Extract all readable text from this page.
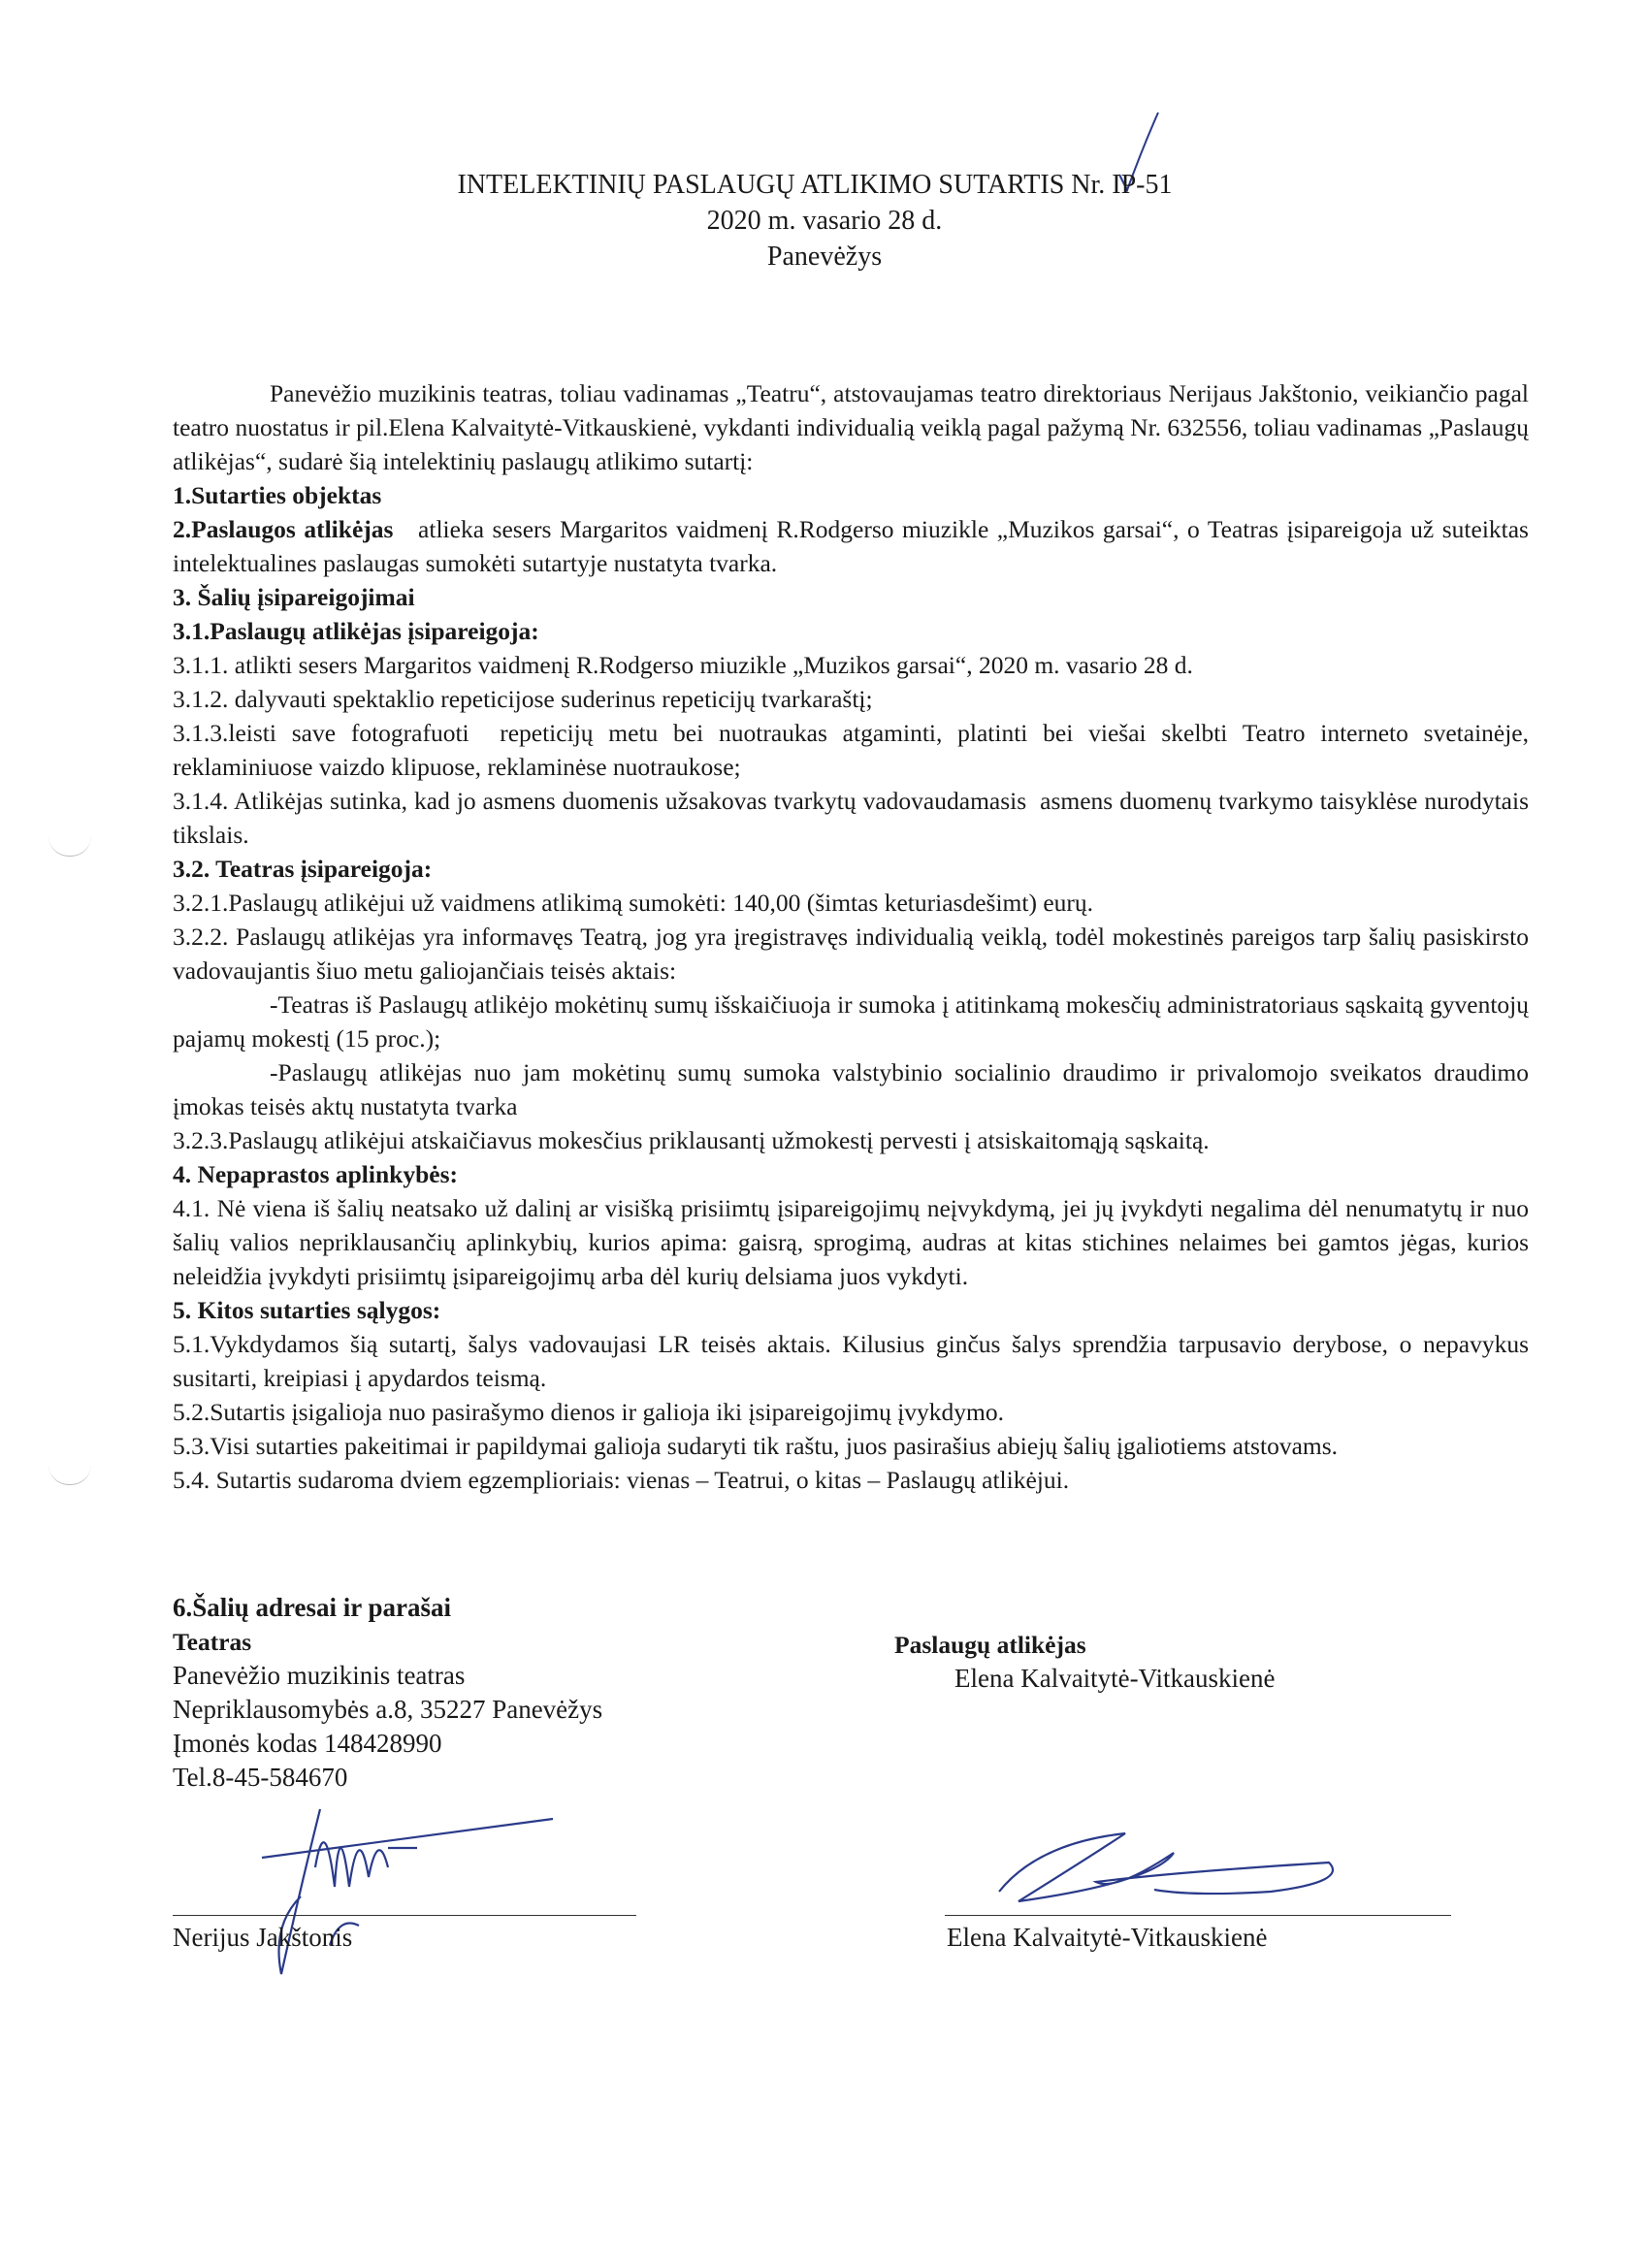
INTELEKTINIŲ PASLAUGŲ ATLIKIMO SUTARTIS Nr. IP-51
2020 m. vasario 28 d.
Panevėžys

Panevėžio muzikinis teatras, toliau vadinamas „Teatru“, atstovaujamas teatro direktoriaus Nerijaus Jakštonio, veikiančio pagal teatro nuostatus ir pil.Elena Kalvaitytė-Vitkauskienė, vykdanti individualią veiklą pagal pažymą Nr. 632556, toliau vadinamas „Paslaugų atlikėjas“, sudarė šią intelektinių paslaugų atlikimo sutartį:

1.Sutarties objektas

2.Paslaugos atlikėjas   atlieka sesers Margaritos vaidmenį R.Rodgerso miuzikle „Muzikos garsai“, o Teatras įsipareigoja už suteiktas intelektualines paslaugas sumokėti sutartyje nustatyta tvarka.

3. Šalių įsipareigojimai

3.1.Paslaugų atlikėjas įsipareigoja:

3.1.1. atlikti sesers Margaritos vaidmenį R.Rodgerso miuzikle „Muzikos garsai“, 2020 m. vasario 28 d.

3.1.2. dalyvauti spektaklio repeticijose suderinus repeticijų tvarkaraštį;

3.1.3.leisti save fotografuoti  repeticijų metu bei nuotraukas atgaminti, platinti bei viešai skelbti Teatro interneto svetainėje, reklaminiuose vaizdo klipuose, reklaminėse nuotraukose;

3.1.4. Atlikėjas sutinka, kad jo asmens duomenis užsakovas tvarkytų vadovaudamasis  asmens duomenų tvarkymo taisyklėse nurodytais tikslais.

3.2. Teatras įsipareigoja:

3.2.1.Paslaugų atlikėjui už vaidmens atlikimą sumokėti: 140,00 (šimtas keturiasdešimt) eurų.

3.2.2. Paslaugų atlikėjas yra informavęs Teatrą, jog yra įregistravęs individualią veiklą, todėl mokestinės pareigos tarp šalių pasiskirsto vadovaujantis šiuo metu galiojančiais teisės aktais:

-Teatras iš Paslaugų atlikėjo mokėtinų sumų išskaičiuoja ir sumoka į atitinkamą mokesčių administratoriaus sąskaitą gyventojų pajamų mokestį (15 proc.);

-Paslaugų atlikėjas nuo jam mokėtinų sumų sumoka valstybinio socialinio draudimo ir privalomojo sveikatos draudimo įmokas teisės aktų nustatyta tvarka

3.2.3.Paslaugų atlikėjui atskaičiavus mokesčius priklausantį užmokestį pervesti į atsiskaitomąją sąskaitą.

4. Nepaprastos aplinkybės:

4.1. Nė viena iš šalių neatsako už dalinį ar visišką prisiimtų įsipareigojimų neįvykdymą, jei jų įvykdyti negalima dėl nenumatytų ir nuo šalių valios nepriklausančių aplinkybių, kurios apima: gaisrą, sprogimą, audras at kitas stichines nelaimes bei gamtos jėgas, kurios neleidžia įvykdyti prisiimtų įsipareigojimų arba dėl kurių delsiama juos vykdyti.

5. Kitos sutarties sąlygos:

5.1.Vykdydamos šią sutartį, šalys vadovaujasi LR teisės aktais. Kilusius ginčus šalys sprendžia tarpusavio derybose, o nepavykus susitarti, kreipiasi į apydardos teismą.

5.2.Sutartis įsigalioja nuo pasirašymo dienos ir galioja iki įsipareigojimų įvykdymo.

5.3.Visi sutarties pakeitimai ir papildymai galioja sudaryti tik raštu, juos pasirašius abiejų šalių įgaliotiems atstovams.

5.4. Sutartis sudaroma dviem egzemplioriais: vienas – Teatrui, o kitas – Paslaugų atlikėjui.

6.Šalių adresai ir parašai
Teatras
Panevėžio muzikinis teatras
Nepriklausomybės a.8, 35227 Panevėžys
Įmonės kodas 148428990
Tel.8-45-584670
Paslaugų atlikėjas
Elena Kalvaitytė-Vitkauskienė
Nerijus Jakštonis	Elena Kalvaitytė-Vitkauskienė
